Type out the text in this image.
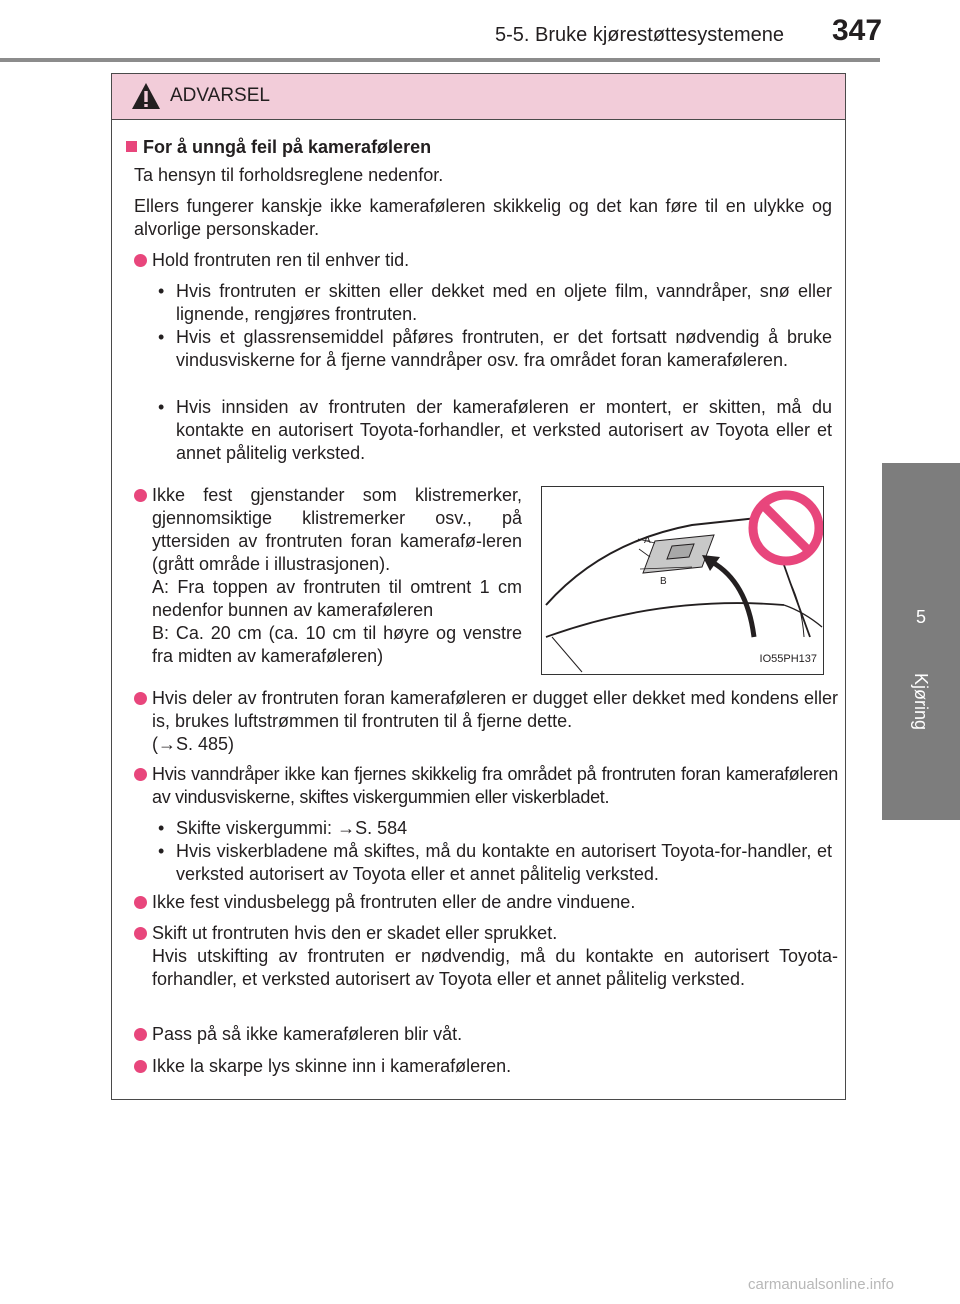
347
5-5. Bruke kjørestøttesystemene
5
Kjøring
ADVARSEL
For å unngå feil på kameraføleren
Ta hensyn til forholdsreglene nedenfor.
Ellers fungerer kanskje ikke kameraføleren skikkelig og det kan føre til en ulykke og alvorlige personskader.
Hold frontruten ren til enhver tid.
• Hvis frontruten er skitten eller dekket med en oljete film, vanndråper, snø eller lignende, rengjøres frontruten.
• Hvis et glassrensemiddel påføres frontruten, er det fortsatt nødvendig å bruke vindusviskerne for å fjerne vanndråper osv. fra området foran kameraføleren.
• Hvis innsiden av frontruten der kameraføleren er montert, er skitten, må du kontakte en autorisert Toyota-forhandler, et verksted autorisert av Toyota eller et annet pålitelig verksted.
Ikke fest gjenstander som klistremerker, gjennomsiktige klistremerker osv., på yttersiden av frontruten foran kamerafø-leren (grått område i illustrasjonen).
A: Fra toppen av frontruten til omtrent 1 cm nedenfor bunnen av kameraføleren
B: Ca. 20 cm (ca. 10 cm til høyre og venstre fra midten av kameraføleren)
A
B
IO55PH137
Hvis deler av frontruten foran kameraføleren er dugget eller dekket med kondens eller is, brukes luftstrømmen til frontruten til å fjerne dette.
(→S. 485)
Hvis vanndråper ikke kan fjernes skikkelig fra området på frontruten foran kameraføleren av vindusviskerne, skiftes viskergummien eller viskerbladet.
• Skifte viskergummi: →S. 584
• Hvis viskerbladene må skiftes, må du kontakte en autorisert Toyota-for-handler, et verksted autorisert av Toyota eller et annet pålitelig verksted.
Ikke fest vindusbelegg på frontruten eller de andre vinduene.
Skift ut frontruten hvis den er skadet eller sprukket.
Hvis utskifting av frontruten er nødvendig, må du kontakte en autorisert Toyota-forhandler, et verksted autorisert av Toyota eller et annet pålitelig verksted.
Pass på så ikke kameraføleren blir våt.
Ikke la skarpe lys skinne inn i kameraføleren.
carmanualsonline.info
